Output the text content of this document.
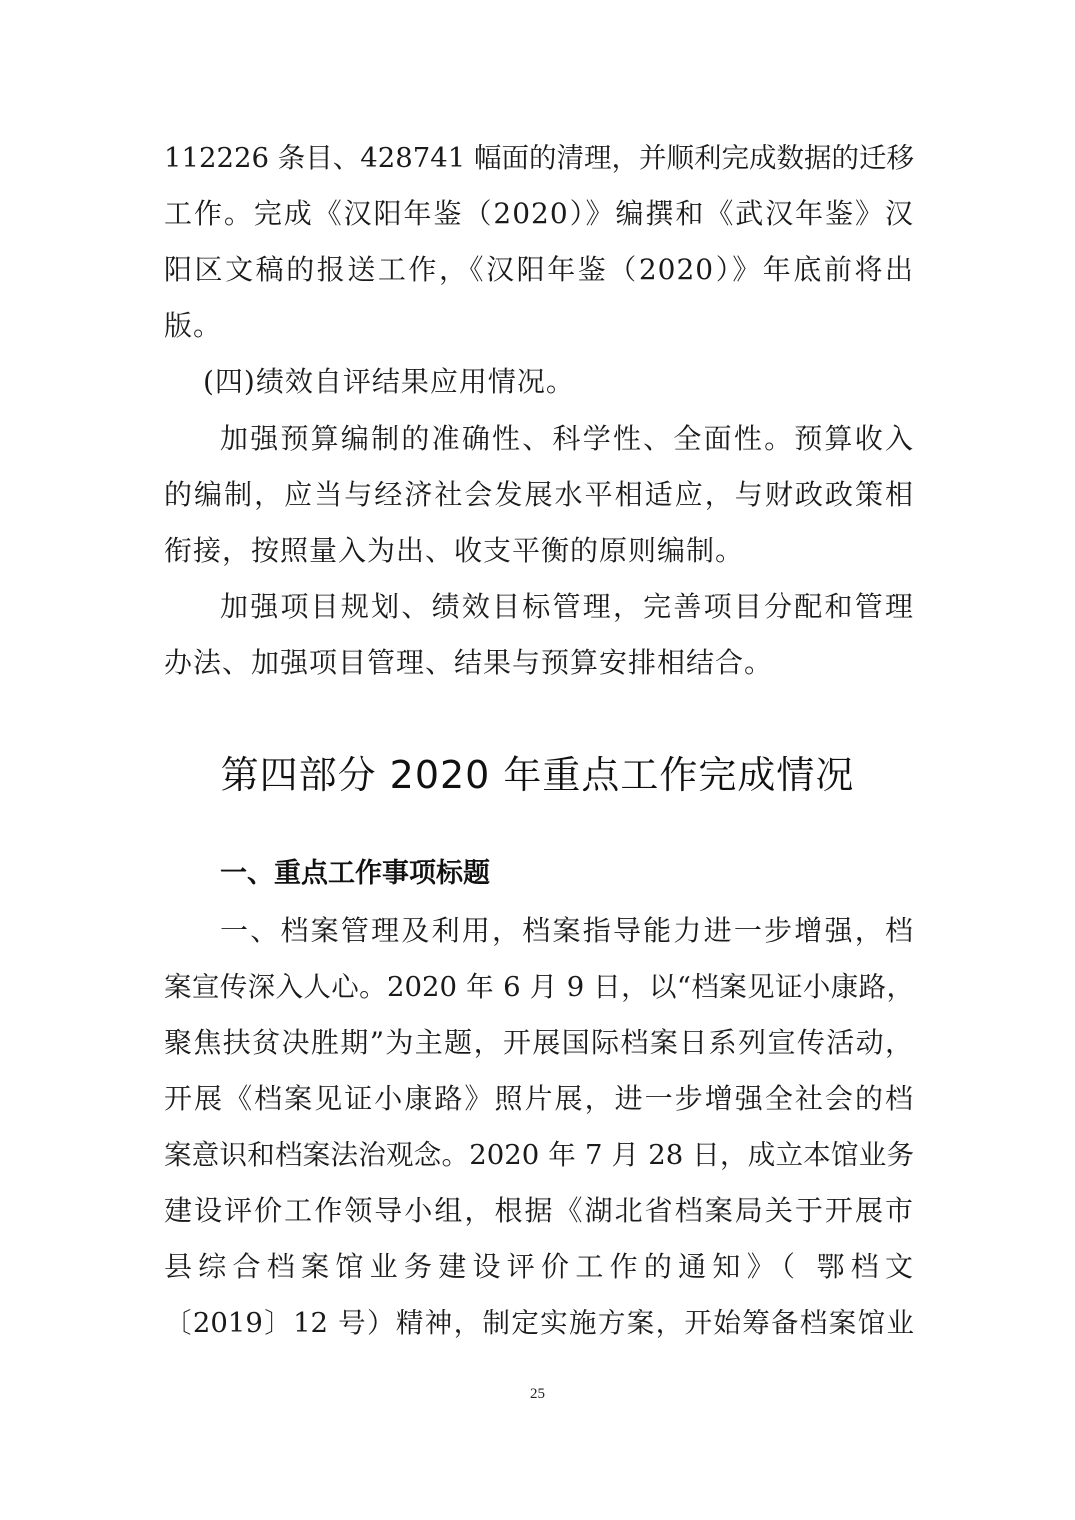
112226 条目、428741 幅面的清理，并顺利完成数据的迁移
工作。完成《汉阳年鉴（2020）》编撰和《武汉年鉴》汉
阳区文稿的报送工作，《汉阳年鉴（2020）》年底前将出
版。
(四)绩效自评结果应用情况。
加强预算编制的准确性、科学性、全面性。预算收入
的编制，应当与经济社会发展水平相适应，与财政政策相
衔接，按照量入为出、收支平衡的原则编制。
加强项目规划、绩效目标管理，完善项目分配和管理
办法、加强项目管理、结果与预算安排相结合。
第四部分 2020 年重点工作完成情况
一、重点工作事项标题
一、档案管理及利用，档案指导能力进一步增强，档
案宣传深入人心。2020 年 6 月 9 日，以“档案见证小康路，
聚焦扶贫决胜期”为主题，开展国际档案日系列宣传活动，
开展《档案见证小康路》照片展，进一步增强全社会的档
案意识和档案法治观念。2020 年 7 月 28 日，成立本馆业务
建设评价工作领导小组，根据《湖北省档案局关于开展市
县综合档案馆业务建设评价工作的通知》（ 鄂档文
〔2019〕12 号）精神，制定实施方案，开始筹备档案馆业
25
